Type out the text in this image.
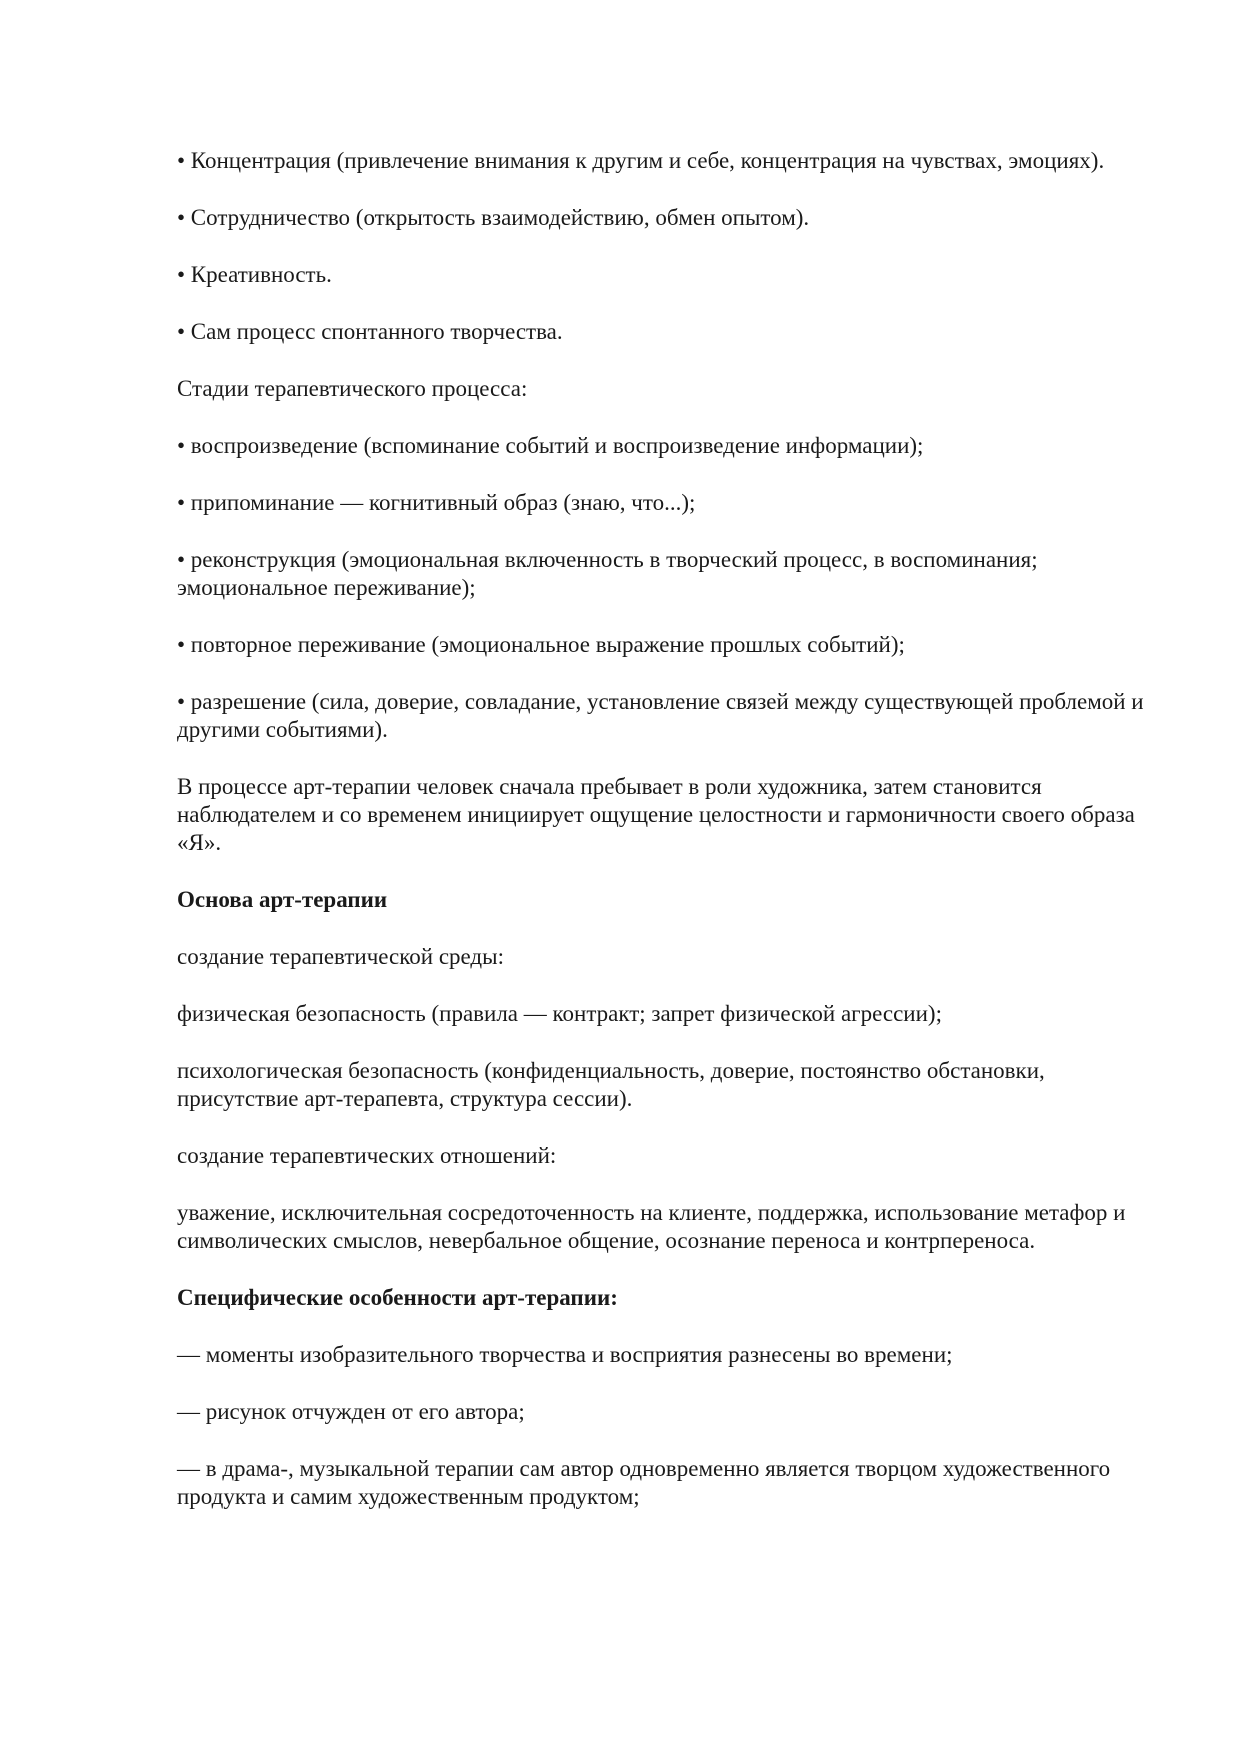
• Концентрация (привлечение внимания к другим и себе, концентрация на чувствах, эмоциях).

• Сотрудничество (открытость взаимодействию, обмен опытом).

• Креативность.

• Сам процесс спонтанного творчества.

Стадии терапевтического процесса:

• воспроизведение (вспоминание событий и воспроизведение информации);

• припоминание — когнитивный образ (знаю, что...);

• реконструкция (эмоциональная включенность в творческий процесс, в воспоминания; эмоциональное переживание);

• повторное переживание (эмоциональное выражение прошлых событий);

• разрешение (сила, доверие, совладание, установление связей между существующей проблемой и другими событиями).

В процессе арт-терапии человек сначала пребывает в роли художника, затем становится наблюдателем и со временем инициирует ощущение целостности и гармоничности своего образа «Я».

Основа арт-терапии

создание терапевтической среды:

физическая безопасность (правила — контракт; запрет физической агрессии);

психологическая безопасность (конфиденциальность, доверие, постоянство обстановки, присутствие арт-терапевта, структура сессии).

создание терапевтических отношений:

уважение, исключительная сосредоточенность на клиенте, поддержка, использование метафор и символических смыслов, невербальное общение, осознание переноса и контрпереноса.

Специфические особенности арт-терапии:

— моменты изобразительного творчества и восприятия разнесены во времени;

— рисунок отчужден от его автора;

— в драма-, музыкальной терапии сам автор одновременно является творцом художественного продукта и самим художественным продуктом;
